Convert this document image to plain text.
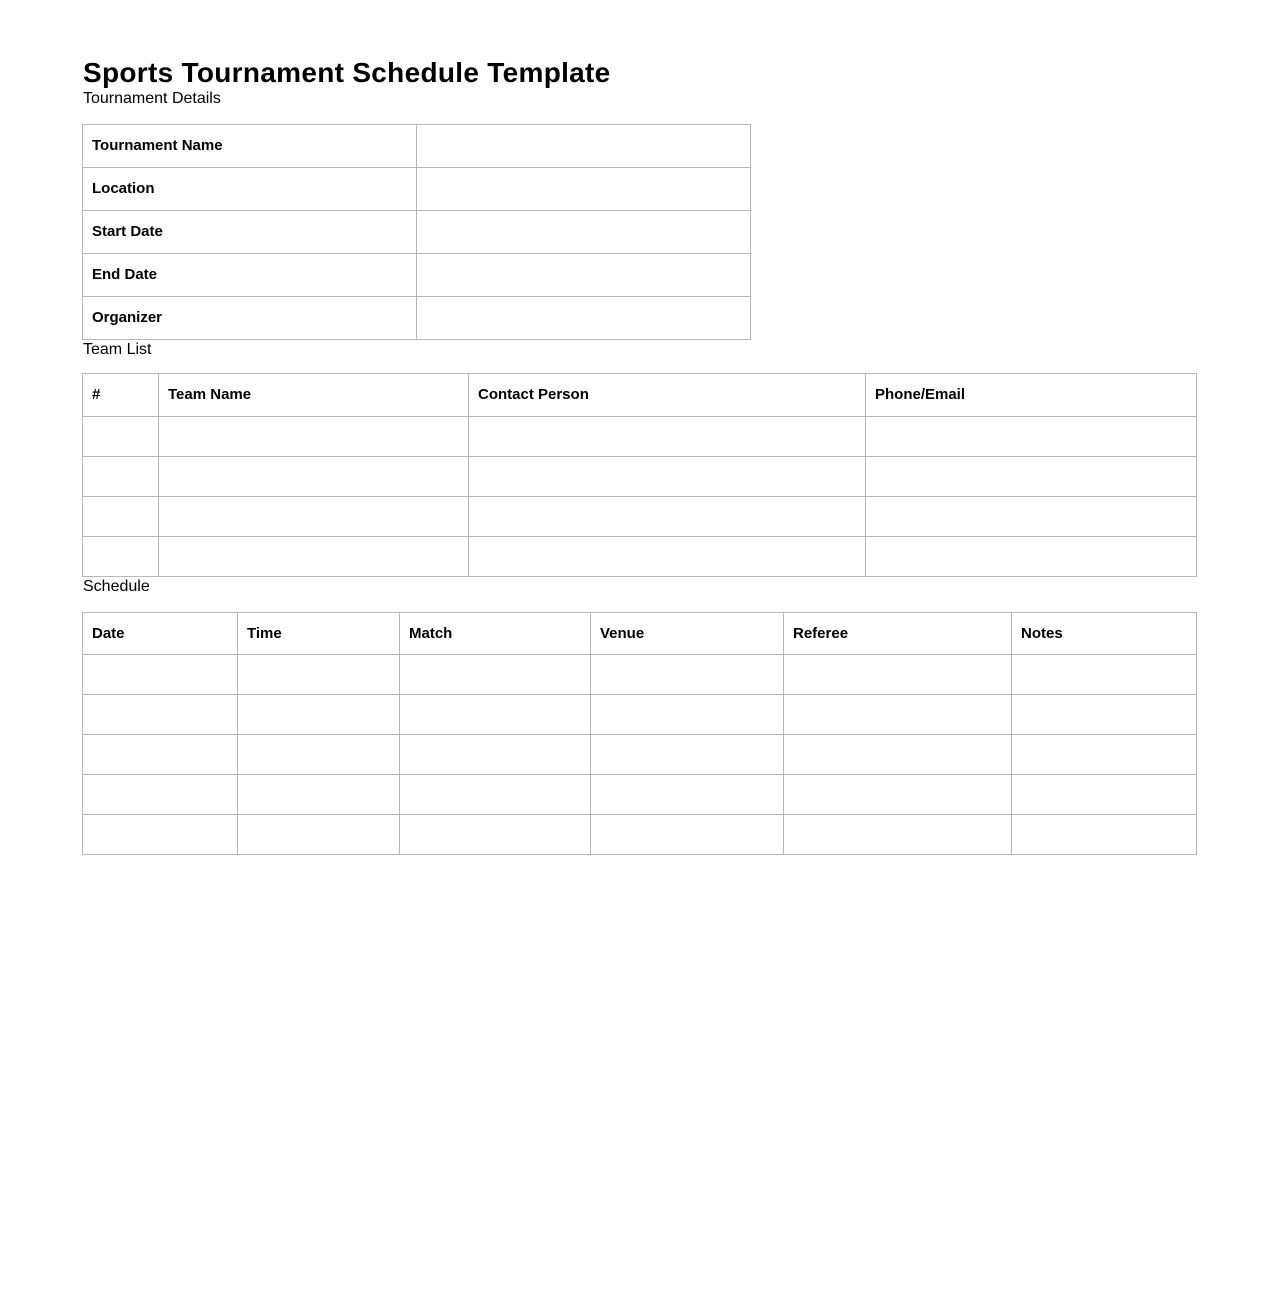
Sports Tournament Schedule Template
Tournament Details
Tournament Name	
Location	
Start Date	
End Date	
Organizer	
Team List
#	Team Name	Contact Person	Phone/Email

Schedule
Date	Time	Match	Venue	Referee	Notes
